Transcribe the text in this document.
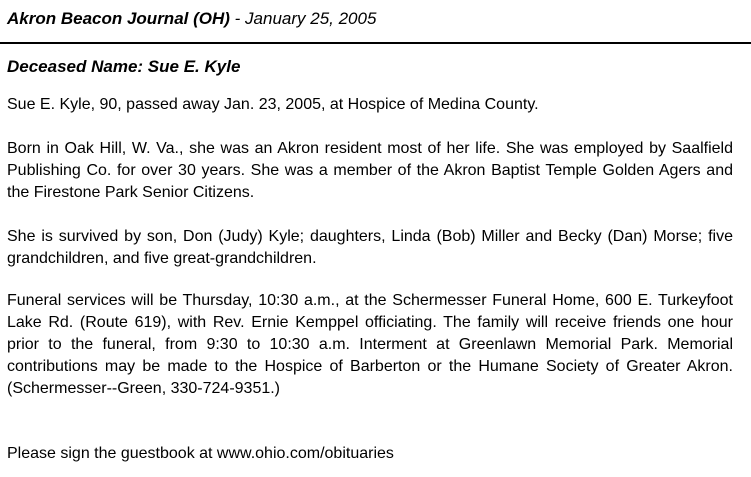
Akron Beacon Journal (OH) - January 25, 2005
Deceased Name: Sue E. Kyle

Sue E. Kyle, 90, passed away Jan. 23, 2005, at Hospice of Medina County.

Born in Oak Hill, W. Va., she was an Akron resident most of her life. She was employed by Saalfield Publishing Co. for over 30 years. She was a member of the Akron Baptist Temple Golden Agers and the Firestone Park Senior Citizens.

She is survived by son, Don (Judy) Kyle; daughters, Linda (Bob) Miller and Becky (Dan) Morse; five grandchildren, and five great-grandchildren.

Funeral services will be Thursday, 10:30 a.m., at the Schermesser Funeral Home, 600 E. Turkeyfoot Lake Rd. (Route 619), with Rev. Ernie Kemppel officiating. The family will receive friends one hour prior to the funeral, from 9:30 to 10:30 a.m. Interment at Greenlawn Memorial Park. Memorial contributions may be made to the Hospice of Barberton or the Humane Society of Greater Akron. (Schermesser--Green, 330-724-9351.)

Please sign the guestbook at www.ohio.com/obituaries
